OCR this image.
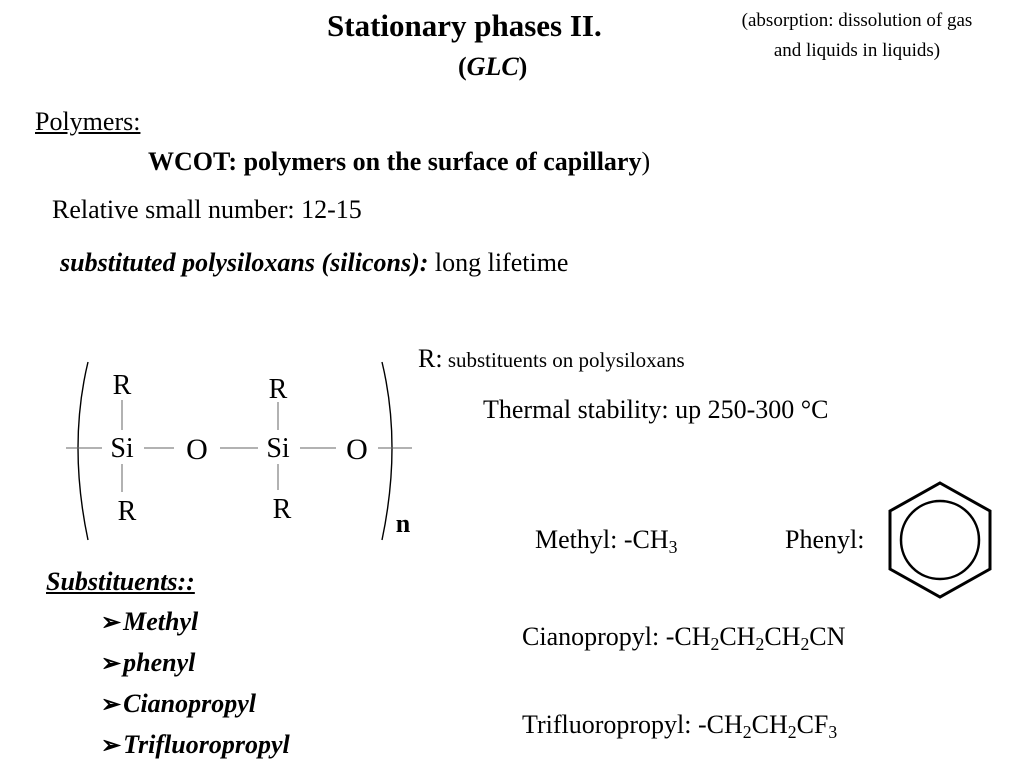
Stationary phases II.
(GLC)
(absorption: dissolution of gas
and liquids in liquids)
Polymers:
WCOT: polymers on the surface of capillary)
Relative small number: 12-15
substituted polysiloxans (silicons): long lifetime
R: substituents on polysiloxans
Thermal stability: up 250-300 °C
R	R
Si O Si O
R	R	n
Methyl: $-CH_3$	Phenyl:
Cianopropyl: $-CH_2CH_2CH_2CN$
Trifluoropropyl: $-CH_2CH_2CF_3$
Substituents::
➢Methyl
➢phenyl
➢Cianopropyl
➢Trifluoropropyl
